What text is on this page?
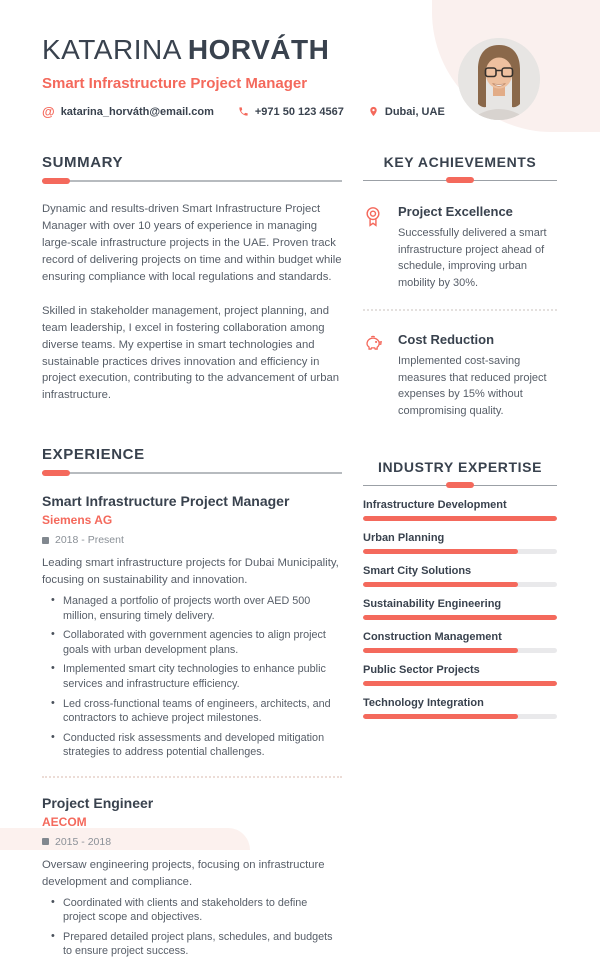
KATARINA HORVÁTH
Smart Infrastructure Project Manager
@ katarina_horváth@email.com	+971 50 123 4567	Dubai, UAE
SUMMARY

Dynamic and results-driven Smart Infrastructure Project Manager with over 10 years of experience in managing large-scale infrastructure projects in the UAE. Proven track record of delivering projects on time and within budget while ensuring compliance with local regulations and standards.

Skilled in stakeholder management, project planning, and team leadership, I excel in fostering collaboration among diverse teams. My expertise in smart technologies and sustainable practices drives innovation and efficiency in project execution, contributing to the advancement of urban infrastructure.

EXPERIENCE
Smart Infrastructure Project Manager
Siemens AG
2018 - Present
Leading smart infrastructure projects for Dubai Municipality, focusing on sustainability and innovation.
• Managed a portfolio of projects worth over AED 500 million, ensuring timely delivery.
• Collaborated with government agencies to align project goals with urban development plans.
• Implemented smart city technologies to enhance public services and infrastructure efficiency.
• Led cross-functional teams of engineers, architects, and contractors to achieve project milestones.
• Conducted risk assessments and developed mitigation strategies to address potential challenges.
Project Engineer
AECOM
2015 - 2018
Oversaw engineering projects, focusing on infrastructure development and compliance.
• Coordinated with clients and stakeholders to define project scope and objectives.
• Prepared detailed project plans, schedules, and budgets to ensure project success.
KEY ACHIEVEMENTS
Project Excellence
Successfully delivered a smart infrastructure project ahead of schedule, improving urban mobility by 30%.
Cost Reduction
Implemented cost-saving measures that reduced project expenses by 15% without compromising quality.
INDUSTRY EXPERTISE
Infrastructure Development
Urban Planning
Smart City Solutions
Sustainability Engineering
Construction Management
Public Sector Projects
Technology Integration
